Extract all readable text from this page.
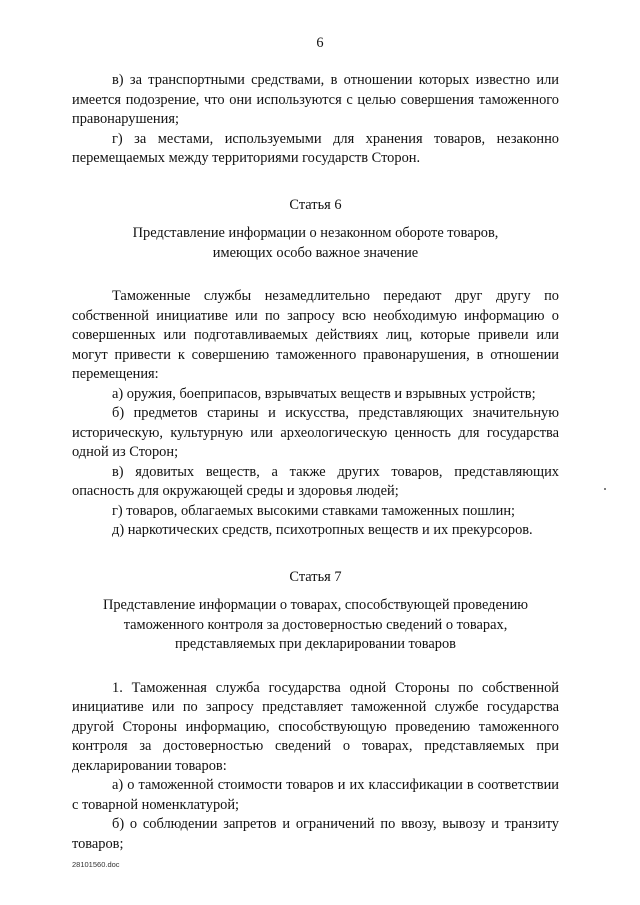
6

в) за транспортными средствами, в отношении которых известно или имеется подозрение, что они используются с целью совершения таможенного правонарушения;

г) за местами, используемыми для хранения товаров, незаконно перемещаемых между территориями государств Сторон.

Статья 6

Представление информации о незаконном обороте товаров,
имеющих особо важное значение

Таможенные службы незамедлительно передают друг другу по собственной инициативе или по запросу всю необходимую информацию о совершенных или подготавливаемых действиях лиц, которые привели или могут привести к совершению таможенного правонарушения, в отношении перемещения:

а) оружия, боеприпасов, взрывчатых веществ и взрывных устройств;

б) предметов старины и искусства, представляющих значительную историческую, культурную или археологическую ценность для государства одной из Сторон;

в) ядовитых веществ, а также других товаров, представляющих опасность для окружающей среды и здоровья людей;

г) товаров, облагаемых высокими ставками таможенных пошлин;

д) наркотических средств, психотропных веществ и их прекурсоров.

Статья 7

Представление информации о товарах, способствующей проведению
таможенного контроля за достоверностью сведений о товарах,
представляемых при декларировании товаров

1. Таможенная служба государства одной Стороны по собственной инициативе или по запросу представляет таможенной службе государства другой Стороны информацию, способствующую проведению таможенного контроля за достоверностью сведений о товарах, представляемых при декларировании товаров:

а) о таможенной стоимости товаров и их классификации в соответствии с товарной номенклатурой;

б) о соблюдении запретов и ограничений по ввозу, вывозу и транзиту товаров;

28101560.doc
